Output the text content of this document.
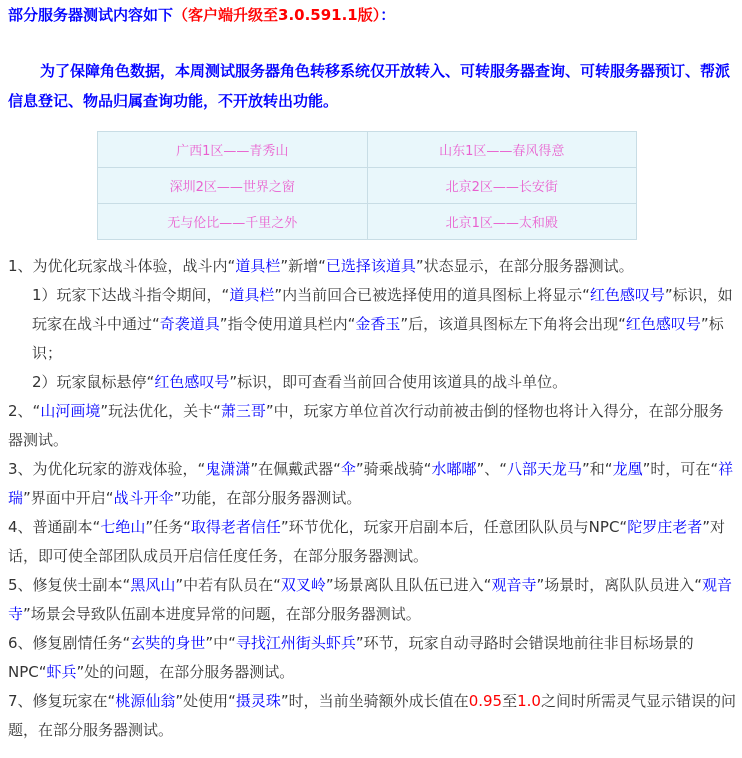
部分服务器测试内容如下（客户端升级至3.0.591.1版）：
为了保障角色数据，本周测试服务器角色转移系统仅开放转入、可转服务器查询、可转服务器预订、帮派信息登记、物品归属查询功能，不开放转出功能。
广西1区——青秀山	山东1区——春风得意
深圳2区——世界之窗	北京2区——长安街
无与伦比——千里之外	北京1区——太和殿

1、为优化玩家战斗体验，战斗内“道具栏”新增“已选择该道具”状态显示，在部分服务器测试。

1）玩家下达战斗指令期间，“道具栏”内当前回合已被选择使用的道具图标上将显示“红色感叹号”标识，如玩家在战斗中通过“奇袭道具”指令使用道具栏内“金香玉”后，该道具图标左下角将会出现“红色感叹号”标识；

2）玩家鼠标悬停“红色感叹号”标识，即可查看当前回合使用该道具的战斗单位。

2、“山河画境”玩法优化，关卡“萧三哥”中，玩家方单位首次行动前被击倒的怪物也将计入得分，在部分服务器测试。

3、为优化玩家的游戏体验，“鬼潇潇”在佩戴武器“伞”骑乘战骑“水嘟嘟”、“八部天龙马”和“龙凰”时，可在“祥瑞”界面中开启“战斗开伞”功能，在部分服务器测试。

4、普通副本“七绝山”任务“取得老者信任”环节优化，玩家开启副本后，任意团队队员与NPC“陀罗庄老者”对话，即可使全部团队成员开启信任度任务，在部分服务器测试。

5、修复侠士副本“黑风山”中若有队员在“双叉岭”场景离队且队伍已进入“观音寺”场景时，离队队员进入“观音寺”场景会导致队伍副本进度异常的问题，在部分服务器测试。

6、修复剧情任务“玄奘的身世”中“寻找江州街头虾兵”环节，玩家自动寻路时会错误地前往非目标场景的NPC“虾兵”处的问题，在部分服务器测试。

7、修复玩家在“桃源仙翁”处使用“摄灵珠”时，当前坐骑额外成长值在0.95至1.0之间时所需灵气显示错误的问题，在部分服务器测试。
